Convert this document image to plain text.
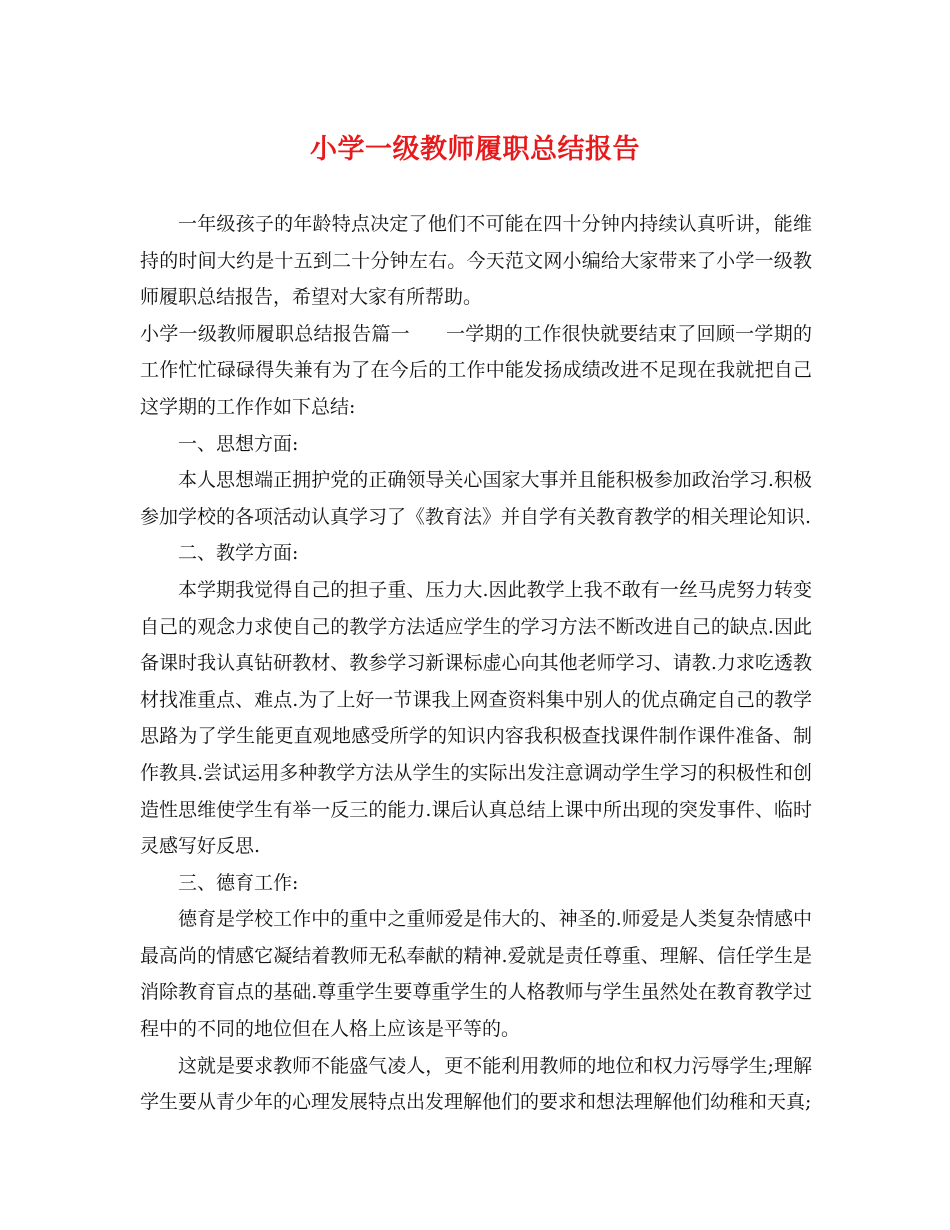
小学一级教师履职总结报告

一年级孩子的年龄特点决定了他们不可能在四十分钟内持续认真听讲，能维持的时间大约是十五到二十分钟左右。今天范文网小编给大家带来了小学一级教师履职总结报告，希望对大家有所帮助。

小学一级教师履职总结报告篇一 一学期的工作很快就要结束了回顾一学期的工作忙忙碌碌得失兼有为了在今后的工作中能发扬成绩改进不足现在我就把自己这学期的工作作如下总结:

一、思想方面:

本人思想端正拥护党的正确领导关心国家大事并且能积极参加政治学习.积极参加学校的各项活动认真学习了《教育法》并自学有关教育教学的相关理论知识.

二、教学方面:

本学期我觉得自己的担子重、压力大.因此教学上我不敢有一丝马虎努力转变自己的观念力求使自己的教学方法适应学生的学习方法不断改进自己的缺点.因此备课时我认真钻研教材、教参学习新课标虚心向其他老师学习、请教.力求吃透教材找准重点、难点.为了上好一节课我上网查资料集中别人的优点确定自己的教学思路为了学生能更直观地感受所学的知识内容我积极查找课件制作课件准备、制作教具.尝试运用多种教学方法从学生的实际出发注意调动学生学习的积极性和创造性思维使学生有举一反三的能力.课后认真总结上课中所出现的突发事件、临时灵感写好反思.

三、德育工作:

德育是学校工作中的重中之重师爱是伟大的、神圣的.师爱是人类复杂情感中最高尚的情感它凝结着教师无私奉献的精神.爱就是责任尊重、理解、信任学生是消除教育盲点的基础.尊重学生要尊重学生的人格教师与学生虽然处在教育教学过程中的不同的地位但在人格上应该是平等的。

这就是要求教师不能盛气凌人，更不能利用教师的地位和权力污辱学生;理解学生要从青少年的心理发展特点出发理解他们的要求和想法理解他们幼稚和天真;
